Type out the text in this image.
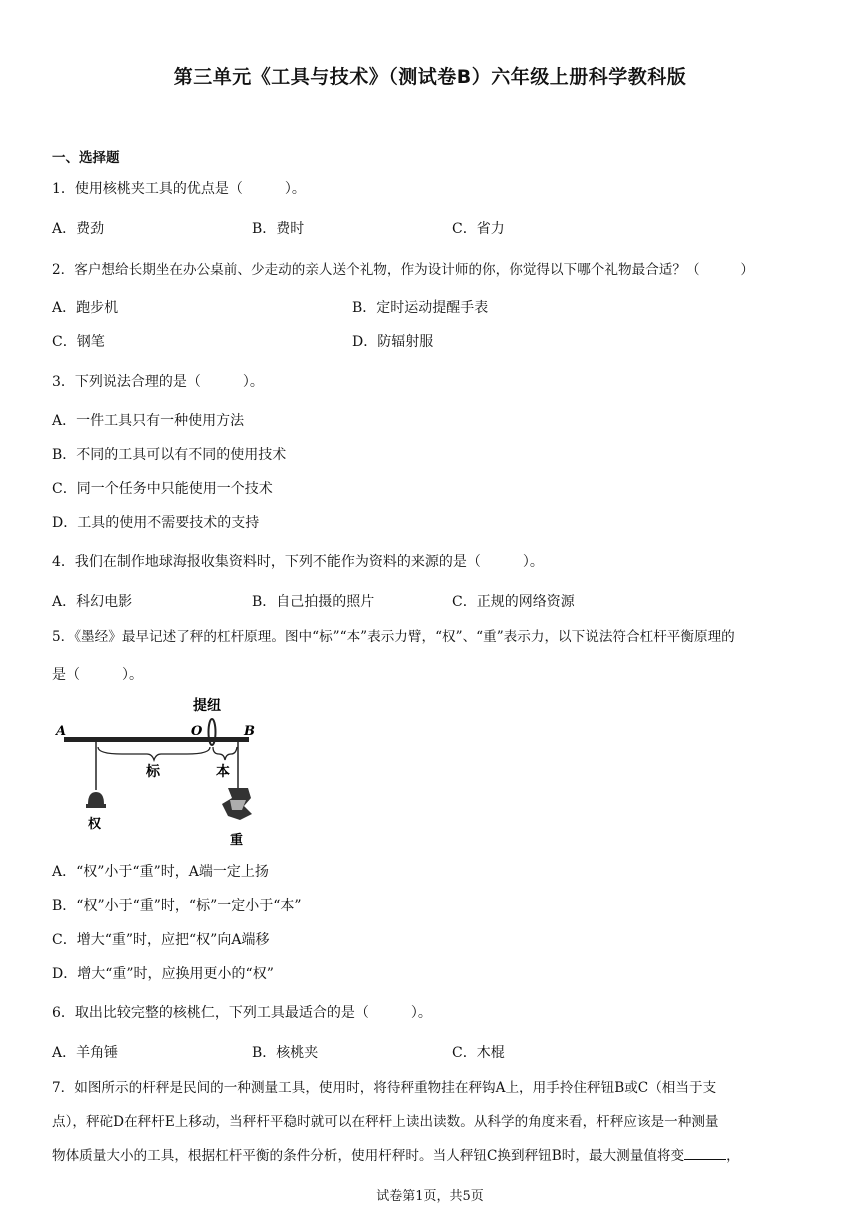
第三单元《工具与技术》（测试卷B）六年级上册科学教科版
一、选择题
1．使用核桃夹工具的优点是（　　　）。
A．费劲	B．费时	C．省力
2．客户想给长期坐在办公桌前、少走动的亲人送个礼物，作为设计师的你，你觉得以下哪个礼物最合适？（　　　）
A．跑步机	B．定时运动提醒手表
C．钢笔	D．防辐射服
3．下列说法合理的是（　　　）。
A．一件工具只有一种使用方法
B．不同的工具可以有不同的使用技术
C．同一个任务中只能使用一个技术
D．工具的使用不需要技术的支持
4．我们在制作地球海报收集资料时，下列不能作为资料的来源的是（　　　）。
A．科幻电影	B．自己拍摄的照片	C．正规的网络资源
5．《墨经》最早记述了秤的杠杆原理。图中“标”“本”表示力臂，“权”、“重”表示力，以下说法符合杠杆平衡原理的
是（　　　）。
A	O	B
提纽
权
标	本
重
A．“权”小于“重”时，A端一定上扬
B．“权”小于“重”时，“标”一定小于“本”
C．增大“重”时，应把“权”向A端移
D．增大“重”时，应换用更小的“权”
6．取出比较完整的核桃仁，下列工具最适合的是（　　　）。
A．羊角锤	B．核桃夹	C．木棍
7．如图所示的杆秤是民间的一种测量工具，使用时，将待秤重物挂在秤钩A上，用手拎住秤钮B或C（相当于支
点），秤砣D在秤杆E上移动，当秤杆平稳时就可以在秤杆上读出读数。从科学的角度来看，杆秤应该是一种测量
物体质量大小的工具，根据杠杆平衡的条件分析，使用杆秤时。当人秤钮C换到秤钮B时，最大测量值将变	，
试卷第1页，共5页
